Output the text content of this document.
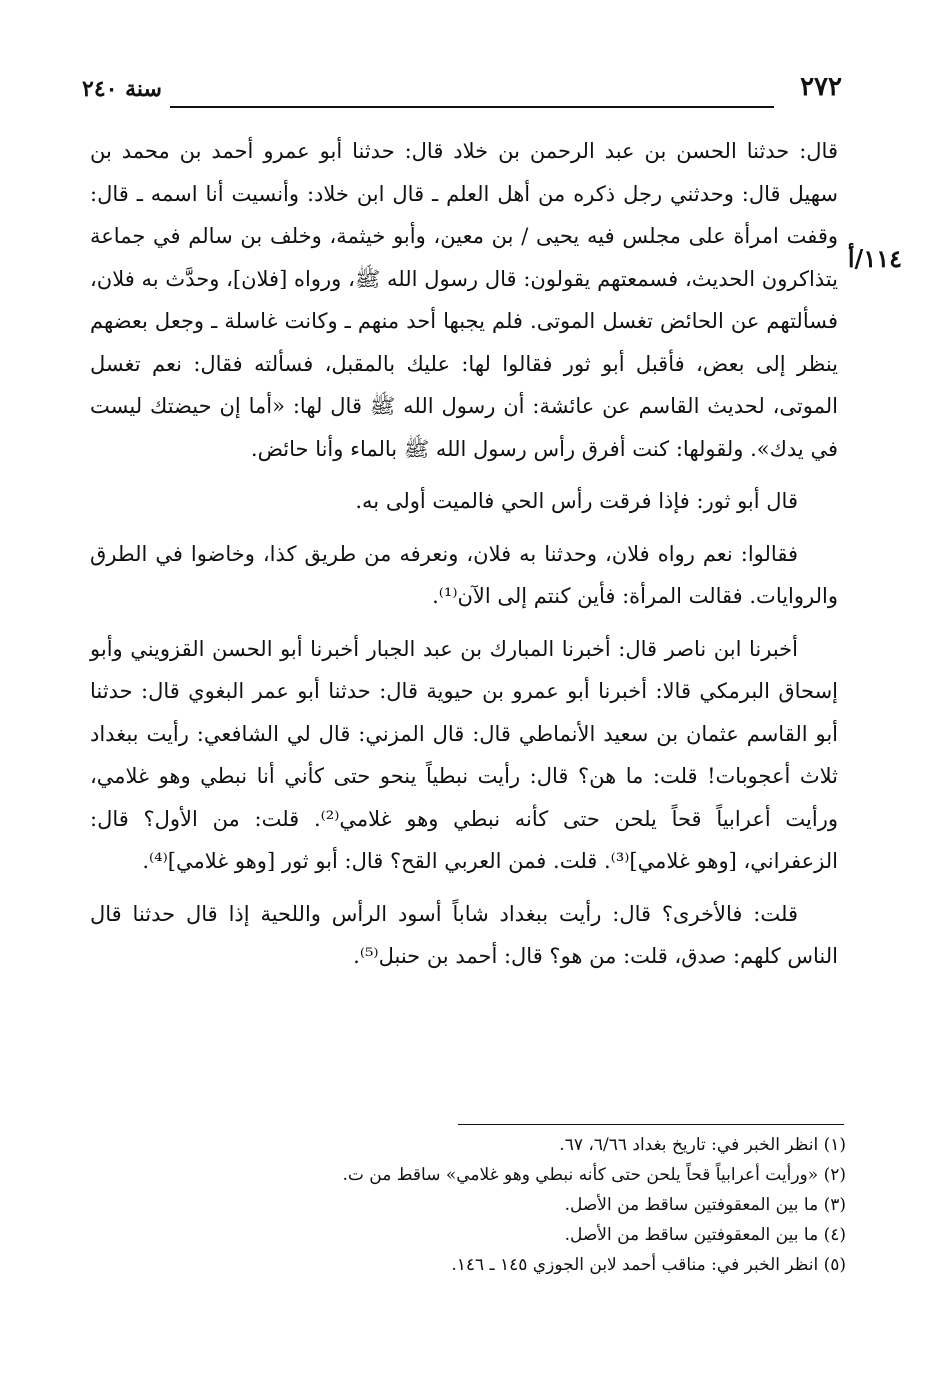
٢٧٢
سنة ٢٤٠
١١٤/أ

قال: حدثنا الحسن بن عبد الرحمن بن خلاد قال: حدثنا أبو عمرو أحمد بن محمد بن سهيل قال: وحدثني رجل ذكره من أهل العلم ـ قال ابن خلاد: وأنسيت أنا اسمه ـ قال: وقفت امرأة على مجلس فيه يحيى / بن معين، وأبو خيثمة، وخلف بن سالم في جماعة يتذاكرون الحديث، فسمعتهم يقولون: قال رسول الله ﷺ، ورواه [فلان]، وحدَّث به فلان، فسألتهم عن الحائض تغسل الموتى. فلم يجبها أحد منهم ـ وكانت غاسلة ـ وجعل بعضهم ينظر إلى بعض، فأقبل أبو ثور فقالوا لها: عليك بالمقبل، فسألته فقال: نعم تغسل الموتى، لحديث القاسم عن عائشة: أن رسول الله ﷺ قال لها: «أما إن حيضتك ليست في يدك». ولقولها: كنت أفرق رأس رسول الله ﷺ بالماء وأنا حائض.

قال أبو ثور: فإذا فرقت رأس الحي فالميت أولى به.

فقالوا: نعم رواه فلان، وحدثنا به فلان، ونعرفه من طريق كذا، وخاضوا في الطرق والروايات. فقالت المرأة: فأين كنتم إلى الآن⁽¹⁾.

أخبرنا ابن ناصر قال: أخبرنا المبارك بن عبد الجبار أخبرنا أبو الحسن القزويني وأبو إسحاق البرمكي قالا: أخبرنا أبو عمرو بن حيوية قال: حدثنا أبو عمر البغوي قال: حدثنا أبو القاسم عثمان بن سعيد الأنماطي قال: قال المزني: قال لي الشافعي: رأيت ببغداد ثلاث أعجوبات! قلت: ما هن؟ قال: رأيت نبطياً ينحو حتى كأني أنا نبطي وهو غلامي، ورأيت أعرابياً قحاً يلحن حتى كأنه نبطي وهو غلامي⁽²⁾. قلت: من الأول؟ قال: الزعفراني، [وهو غلامي]⁽³⁾. قلت. فمن العربي القح؟ قال: أبو ثور [وهو غلامي]⁽⁴⁾.

قلت: فالأخرى؟ قال: رأيت ببغداد شاباً أسود الرأس واللحية إذا قال حدثنا قال الناس كلهم: صدق، قلت: من هو؟ قال: أحمد بن حنبل⁽⁵⁾.

(١) انظر الخبر في: تاريخ بغداد ٦/٦٦، ٦٧.

(٢) «ورأيت أعرابياً قحاً يلحن حتى كأنه نبطي وهو غلامي» ساقط من ت.

(٣) ما بين المعقوفتين ساقط من الأصل.

(٤) ما بين المعقوفتين ساقط من الأصل.

(٥) انظر الخبر في: مناقب أحمد لابن الجوزي ١٤٥ ـ ١٤٦.
